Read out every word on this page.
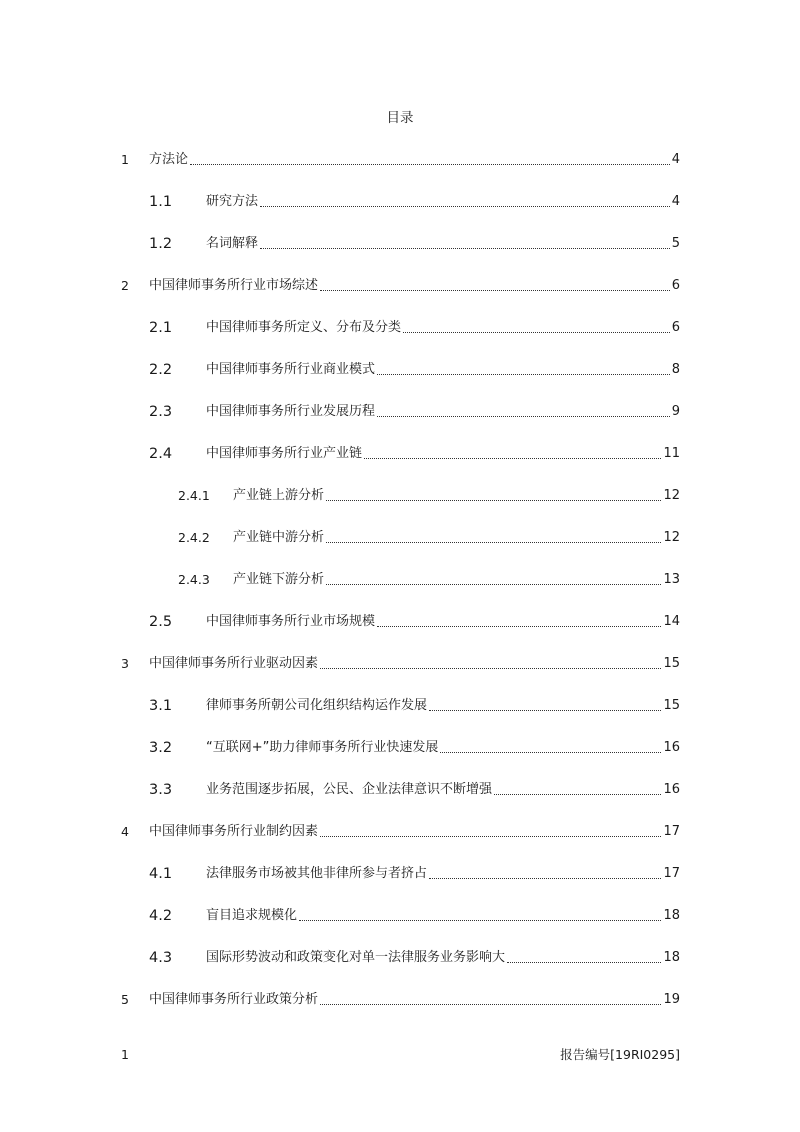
目录
1 方法论	4
1.1	研究方法	4
1.2	名词解释	5
2 中国律师事务所行业市场综述	6
2.1	中国律师事务所定义、分布及分类	6
2.2	中国律师事务所行业商业模式	8
2.3	中国律师事务所行业发展历程	9
2.4	中国律师事务所行业产业链	11
2.4.1 产业链上游分析	12
2.4.2 产业链中游分析	12
2.4.3 产业链下游分析	13
2.5	中国律师事务所行业市场规模	14
3 中国律师事务所行业驱动因素	15
3.1	律师事务所朝公司化组织结构运作发展	15
3.2	“互联网+”助力律师事务所行业快速发展	16
3.3	业务范围逐步拓展，公民、企业法律意识不断增强	16
4 中国律师事务所行业制约因素	17
4.1	法律服务市场被其他非律所参与者挤占	17
4.2	盲目追求规模化	18
4.3	国际形势波动和政策变化对单一法律服务业务影响大	18
5 中国律师事务所行业政策分析	19
1	报告编号[19RI0295]
